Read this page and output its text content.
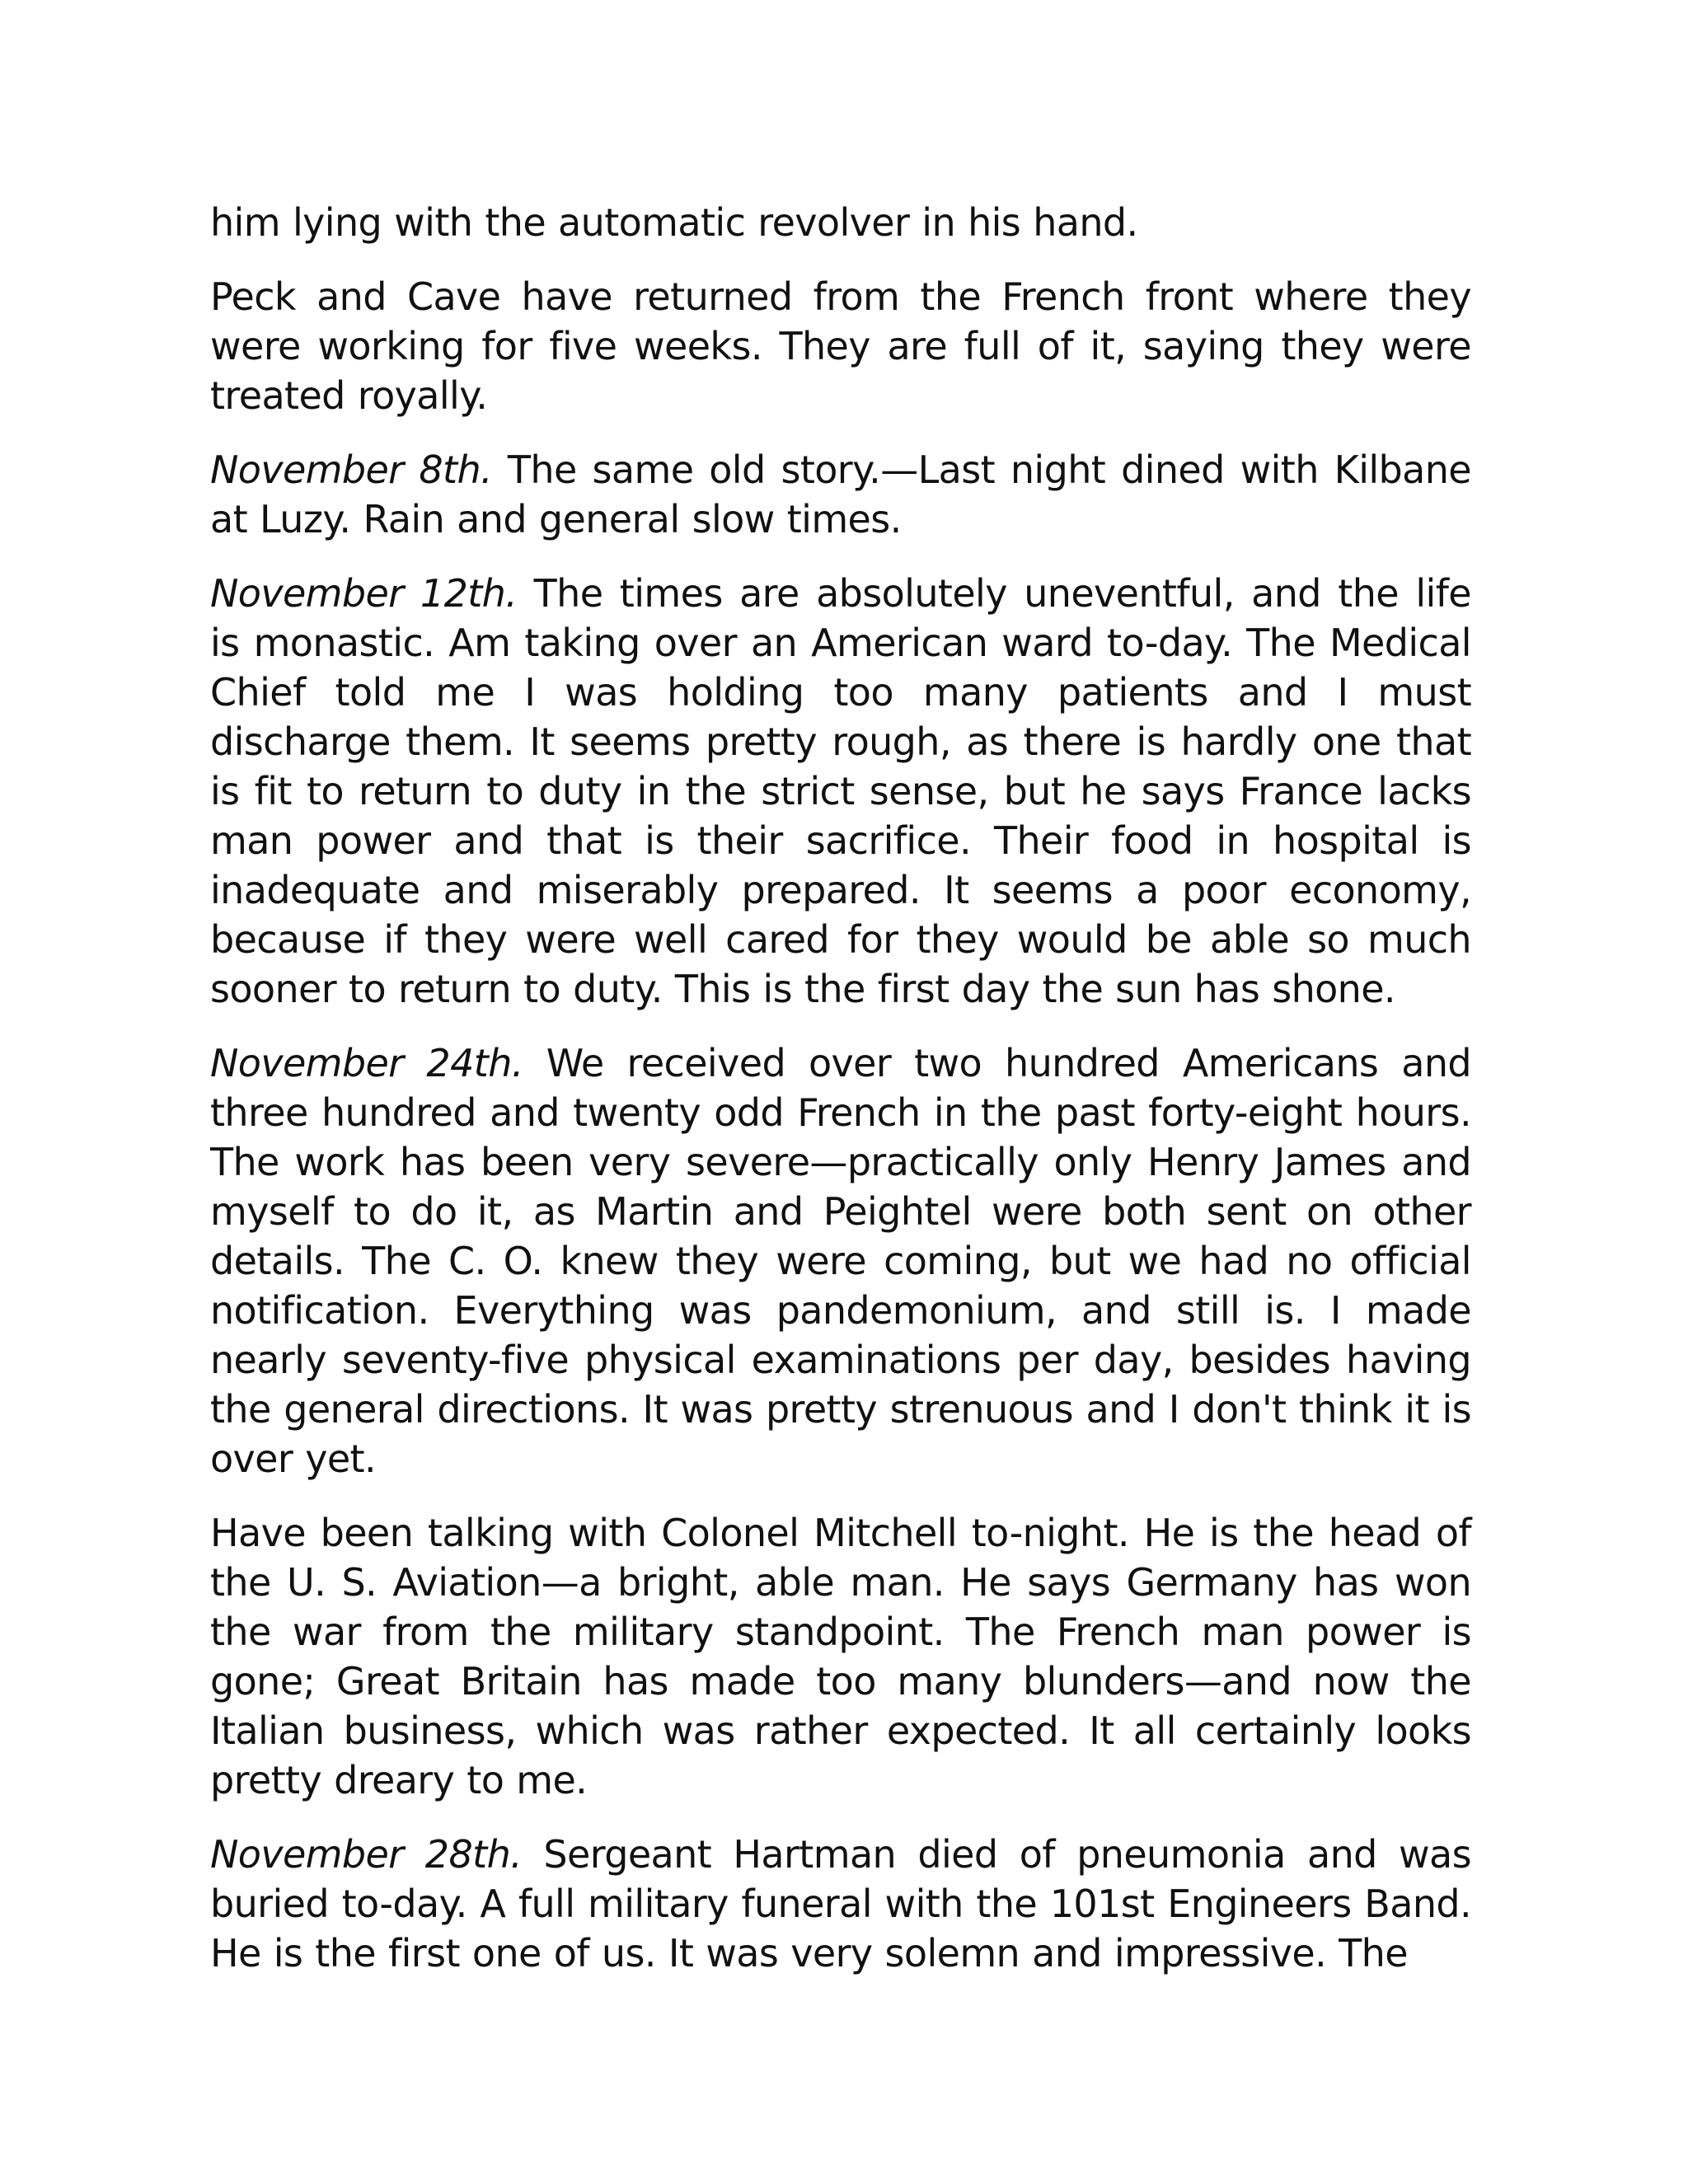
him lying with the automatic revolver in his hand.

Peck and Cave have returned from the French front where they were working for five weeks. They are full of it, saying they were treated royally.

November 8th. The same old story.—Last night dined with Kilbane at Luzy. Rain and general slow times.

November 12th. The times are absolutely uneventful, and the life is monastic. Am taking over an American ward to-day. The Medical Chief told me I was holding too many patients and I must discharge them. It seems pretty rough, as there is hardly one that is fit to return to duty in the strict sense, but he says France lacks man power and that is their sacrifice. Their food in hospital is inadequate and miserably prepared. It seems a poor economy, because if they were well cared for they would be able so much sooner to return to duty. This is the first day the sun has shone.

November 24th. We received over two hundred Americans and three hundred and twenty odd French in the past forty-eight hours. The work has been very severe—practically only Henry James and myself to do it, as Martin and Peightel were both sent on other details. The C. O. knew they were coming, but we had no official notification. Everything was pandemonium, and still is. I made nearly seventy-five physical examinations per day, besides having the general directions. It was pretty strenuous and I don't think it is over yet.

Have been talking with Colonel Mitchell to-night. He is the head of the U. S. Aviation—a bright, able man. He says Germany has won the war from the military standpoint. The French man power is gone; Great Britain has made too many blunders—and now the Italian business, which was rather expected. It all certainly looks pretty dreary to me.

November 28th. Sergeant Hartman died of pneumonia and was buried to-day. A full military funeral with the 101st Engineers Band. He is the first one of us. It was very solemn and impressive. The
